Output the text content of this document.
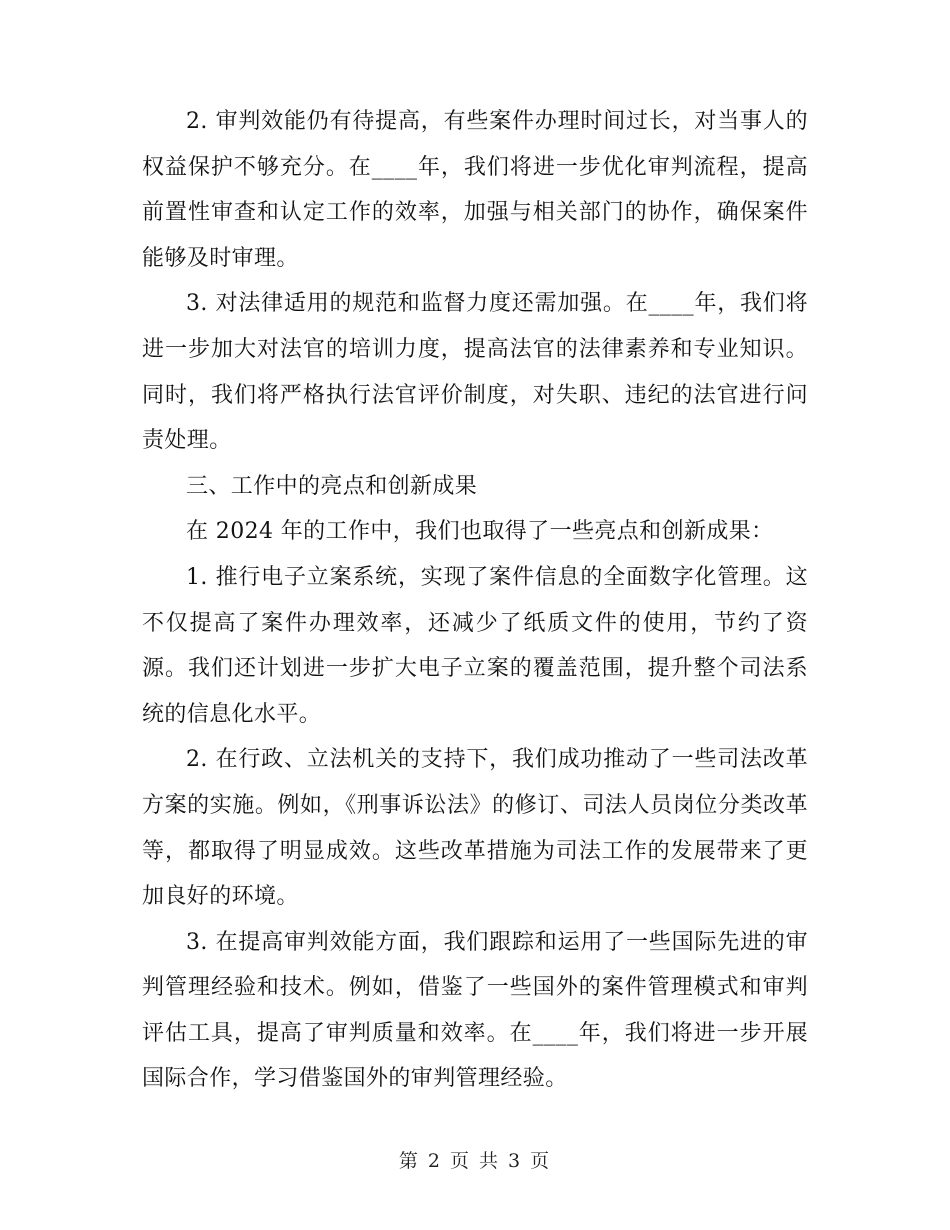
2. 审判效能仍有待提高，有些案件办理时间过长，对当事人的权益保护不够充分。在____年，我们将进一步优化审判流程，提高前置性审查和认定工作的效率，加强与相关部门的协作，确保案件能够及时审理。

3. 对法律适用的规范和监督力度还需加强。在____年，我们将进一步加大对法官的培训力度，提高法官的法律素养和专业知识。同时，我们将严格执行法官评价制度，对失职、违纪的法官进行问责处理。

三、工作中的亮点和创新成果

在 2024 年的工作中，我们也取得了一些亮点和创新成果：

1. 推行电子立案系统，实现了案件信息的全面数字化管理。这不仅提高了案件办理效率，还减少了纸质文件的使用，节约了资源。我们还计划进一步扩大电子立案的覆盖范围，提升整个司法系统的信息化水平。

2. 在行政、立法机关的支持下，我们成功推动了一些司法改革方案的实施。例如，《刑事诉讼法》的修订、司法人员岗位分类改革等，都取得了明显成效。这些改革措施为司法工作的发展带来了更加良好的环境。

3. 在提高审判效能方面，我们跟踪和运用了一些国际先进的审判管理经验和技术。例如，借鉴了一些国外的案件管理模式和审判评估工具，提高了审判质量和效率。在____年，我们将进一步开展国际合作，学习借鉴国外的审判管理经验。

第 2 页 共 3 页
